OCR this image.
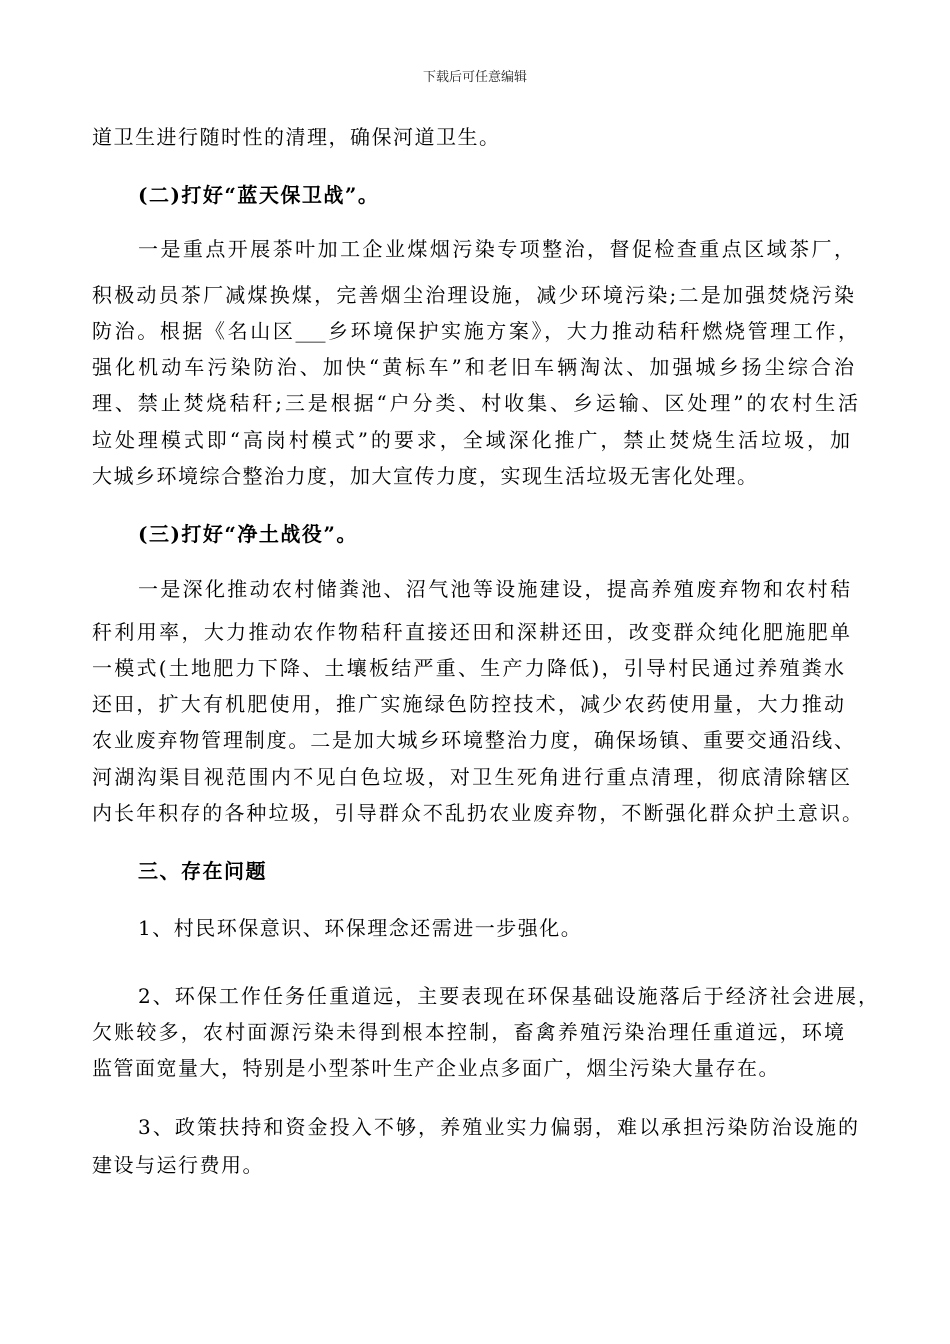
下载后可任意编辑
道卫生进行随时性的清理，确保河道卫生。
(二)打好“蓝天保卫战”。
一是重点开展茶叶加工企业煤烟污染专项整治，督促检查重点区域茶厂，
积极动员茶厂减煤换煤，完善烟尘治理设施，减少环境污染;二是加强焚烧污染
防治。根据《名山区___乡环境保护实施方案》，大力推动秸秆燃烧管理工作，
强化机动车污染防治、加快“黄标车”和老旧车辆淘汰、加强城乡扬尘综合治
理、禁止焚烧秸秆;三是根据“户分类、村收集、乡运输、区处理”的农村生活
垃处理模式即“高岗村模式”的要求，全域深化推广，禁止焚烧生活垃圾，加
大城乡环境综合整治力度，加大宣传力度，实现生活垃圾无害化处理。
(三)打好“净土战役”。
一是深化推动农村储粪池、沼气池等设施建设，提高养殖废弃物和农村秸
秆利用率，大力推动农作物秸秆直接还田和深耕还田，改变群众纯化肥施肥单
一模式(土地肥力下降、土壤板结严重、生产力降低)，引导村民通过养殖粪水
还田，扩大有机肥使用，推广实施绿色防控技术，减少农药使用量，大力推动
农业废弃物管理制度。二是加大城乡环境整治力度，确保场镇、重要交通沿线、
河湖沟渠目视范围内不见白色垃圾，对卫生死角进行重点清理，彻底清除辖区
内长年积存的各种垃圾，引导群众不乱扔农业废弃物，不断强化群众护土意识。
三、存在问题
1、村民环保意识、环保理念还需进一步强化。
2、环保工作任务任重道远，主要表现在环保基础设施落后于经济社会进展，
欠账较多，农村面源污染未得到根本控制，畜禽养殖污染治理任重道远，环境
监管面宽量大，特别是小型茶叶生产企业点多面广，烟尘污染大量存在。
3、政策扶持和资金投入不够，养殖业实力偏弱，难以承担污染防治设施的
建设与运行费用。
